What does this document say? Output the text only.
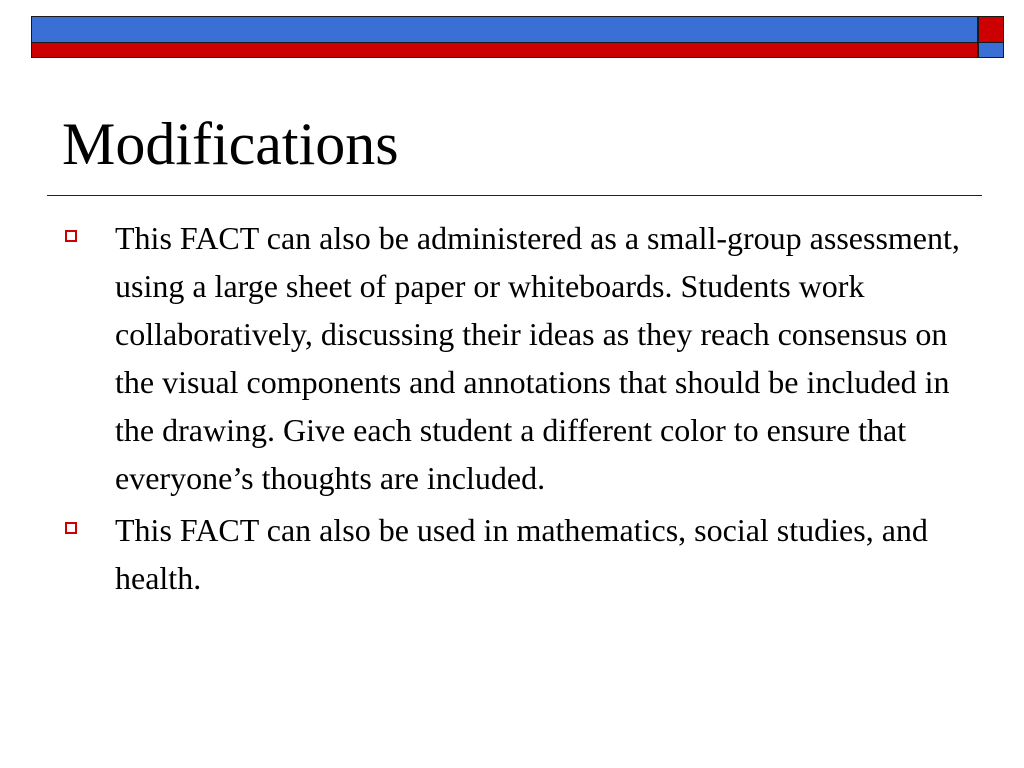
Modifications
This FACT can also be administered as a small-group assessment, using a large sheet of paper or whiteboards. Students work collaboratively, discussing their ideas as they reach consensus on the visual components and annotations that should be included in the drawing. Give each student a different color to ensure that everyone’s thoughts are included.
This FACT can also be used in mathematics, social studies, and health.
